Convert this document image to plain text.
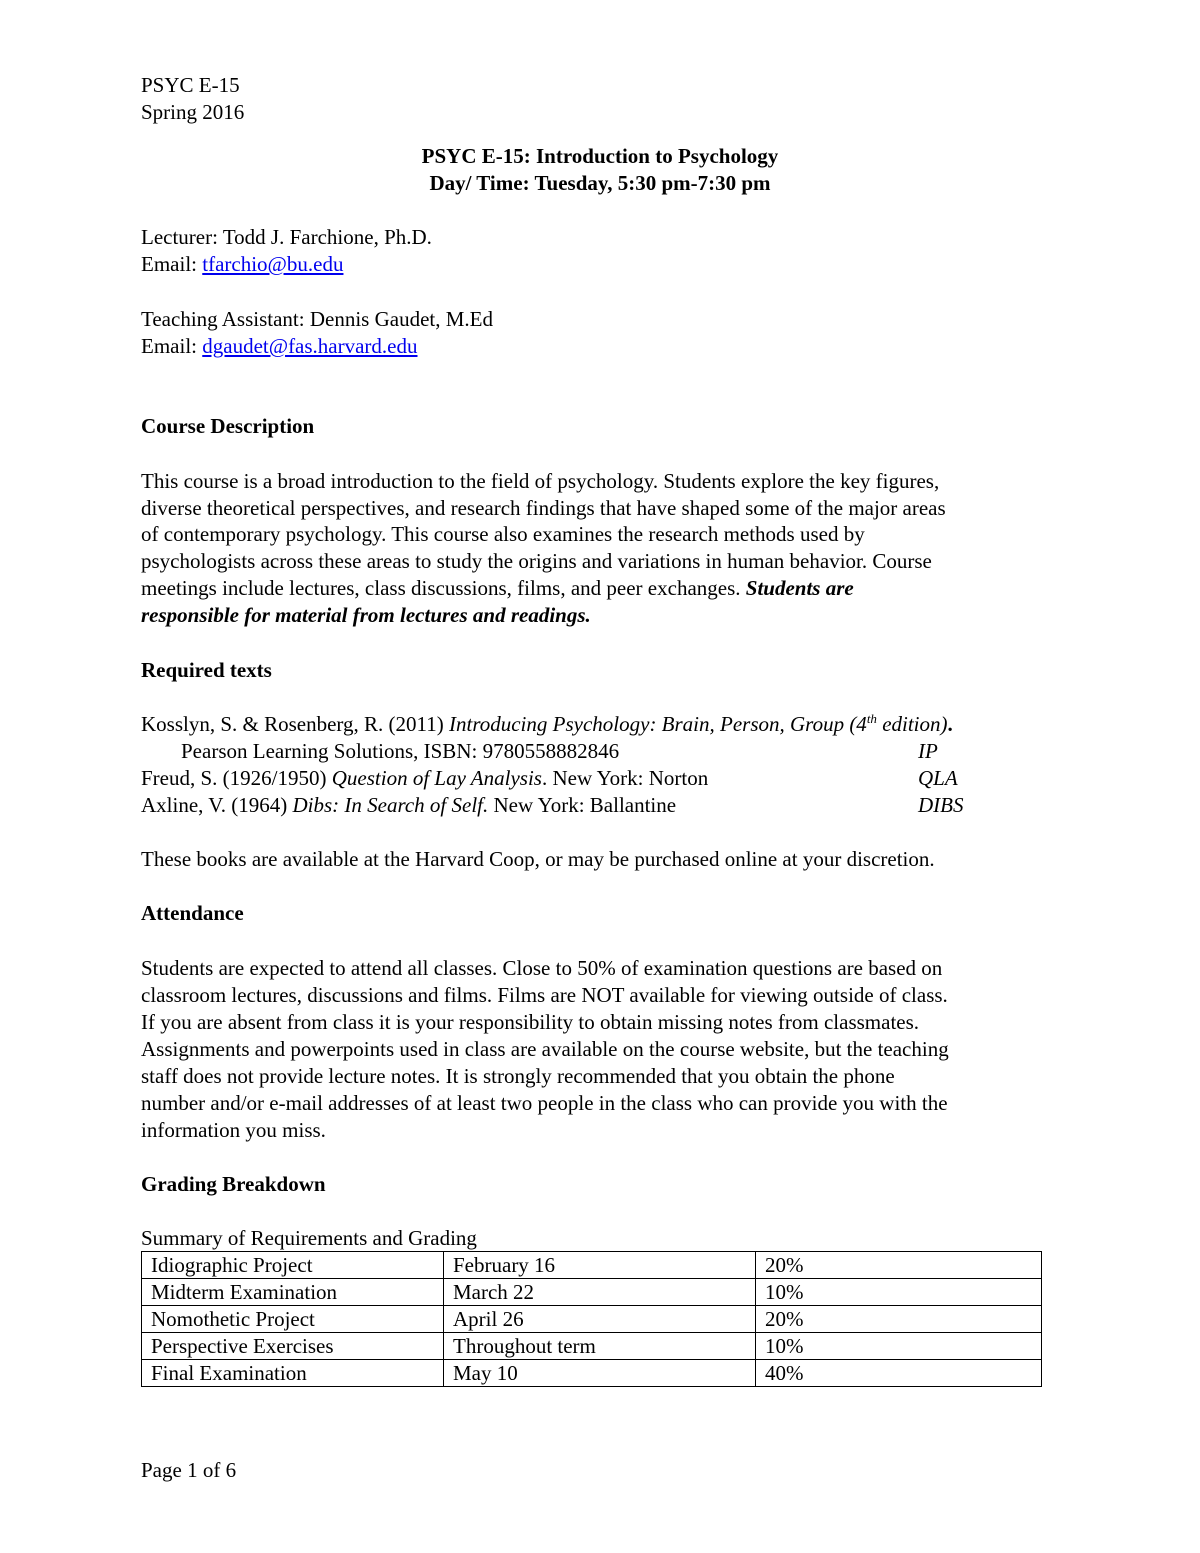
PSYC E-15
Spring 2016
PSYC E-15: Introduction to Psychology
Day/ Time: Tuesday, 5:30 pm-7:30 pm
Lecturer: Todd J. Farchione, Ph.D.
Email: tfarchio@bu.edu
Teaching Assistant: Dennis Gaudet, M.Ed
Email: dgaudet@fas.harvard.edu
Course Description
This course is a broad introduction to the field of psychology. Students explore the key figures,
diverse theoretical perspectives, and research findings that have shaped some of the major areas
of contemporary psychology. This course also examines the research methods used by
psychologists across these areas to study the origins and variations in human behavior. Course
meetings include lectures, class discussions, films, and peer exchanges. Students are
responsible for material from lectures and readings.
Required texts
Kosslyn, S. & Rosenberg, R. (2011) Introducing Psychology: Brain, Person, Group (4th edition).
Pearson Learning Solutions, ISBN: 9780558882846	IP
Freud, S. (1926/1950) Question of Lay Analysis. New York: Norton	QLA
Axline, V. (1964) Dibs: In Search of Self. New York: Ballantine	DIBS
These books are available at the Harvard Coop, or may be purchased online at your discretion.
Attendance
Students are expected to attend all classes. Close to 50% of examination questions are based on
classroom lectures, discussions and films. Films are NOT available for viewing outside of class.
If you are absent from class it is your responsibility to obtain missing notes from classmates.
Assignments and powerpoints used in class are available on the course website, but the teaching
staff does not provide lecture notes. It is strongly recommended that you obtain the phone
number and/or e-mail addresses of at least two people in the class who can provide you with the
information you miss.
Grading Breakdown
Summary of Requirements and Grading
Idiographic Project	February 16	20%
Midterm Examination	March 22	10%
Nomothetic Project	April 26	20%
Perspective Exercises	Throughout term	10%
Final Examination	May 10	40%
Page 1 of 6
